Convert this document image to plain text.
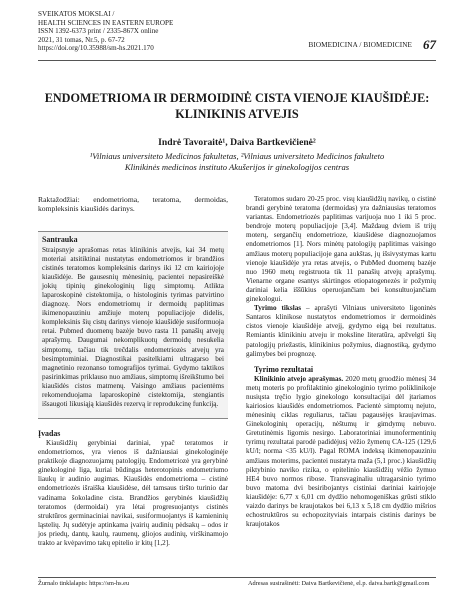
SVEIKATOS MOKSLAI /
HEALTH SCIENCES IN EASTERN EUROPE
ISSN 1392-6373 print / 2335-867X online
2021, 31 tomas, Nr.5, p. 67-72
https://doi.org/10.35988/sm-hs.2021.170	BIOMEDICINA / BIOMEDICINE 67
ENDOMETRIOMA IR DERMOIDINĖ CISTA VIENOJE KIAUŠIDĖJE:
KLINIKINIS ATVEJIS
Indrė Tavoraitė¹, Daiva Bartkevičienė²
¹Vilniaus universiteto Medicinos fakultetas, ²Vilniaus universiteto Medicinos fakulteto
Klinikinės medicinos instituto Akušerijos ir ginekologijos centras
Raktažodžiai: endometrioma, teratoma, dermoidas, kompleksinis kiaušidės darinys.
Santrauka
Straipsnyje aprašomas retas klinikinis atvejis, kai 34 metų moteriai atsitiktinai nustatytas endometriomos ir brandžios cistinės teratomos kompleksinis darinys iki 12 cm kairiojoje kiaušidėje. Be gausesnių mėnesinių, pacientei nepasireiškė jokių tipinių ginekologinių ligų simptomų. Atlikta laparoskopinė cistektomija, o histologinis tyrimas patvirtino diagnozę. Nors endometriomų ir dermoidų paplitimas ikimenopauziniu amžiuje moterų populiacijoje didelis, kompleksinis šių cistų darinys vienoje kiaušidėje susiformuoja retai. Pubmed duomenų bazėje buvo rasta 11 panašių atvejų aprašymų. Daugumai nekomplikuotų dermoidų nesukelia simptomų, tačiau tik trečdalis endometriozės atvejų yra besimptominiai. Diagnostikai pasitelkiami ultragarso bei magnetinio rezonanso tomografijos tyrimai. Gydymo taktikos pasirinkimas priklauso nuo amžiaus, simptomų išreikštumo bei kiaušidės cistos matmenų. Vaisingo amžiaus pacientėms rekomenduojama laparoskopinė cistektomija, stengiantis išsaugoti likusiąją kiaušidės rezervą ir reprodukcinę funkciją.
Įvadas
Kiaušidžių gerybiniai dariniai, ypač teratomos ir endometriomos, yra vienos iš dažniausiai ginekologinėje praktikoje diagnozuojamų patologijų. Endometriozė yra gerybinė ginekologinė liga, kuriai būdingas heterotopinis endometriumo liaukų ir audinio augimas. Kiaušidės endometrioma – cistinė endometriozės išraiška kiaušidėse, dėl tamsaus tiršto turinio dar vadinama šokoladine cista. Brandžios gerybinės kiaušidžių teratomos (dermoidai) yra lėtai progresuojantys cistinės struktūros germinaciniai navikai, susiformuojantys iš kamieninių ląstelių. Jų sudėtyje aptinkama įvairių audinių pėdsakų – odos ir jos priedų, dantų, kaulų, raumenų, gliojos audinių, virškinamojo trakto ar kvėpavimo takų epitelio ir kitų [1,2].
Teratomos sudaro 20-25 proc. visų kiaušidžių navikų, o cistinė brandi gerybinė teratoma (dermoidas) yra dažniausias teratomos variantas. Endometriozės paplitimas varijuoja nuo 1 iki 5 proc. bendroje moterų populiacijoje [3,4]. Maždaug dviem iš trijų moterų, sergančių endometrioze, kiaušidėse diagnozuojamos endometriomos [1]. Nors minėtų patologijų paplitimas vaisingo amžiaus moterų populiacijoje gana aukštas, jų išsivystymas kartu vienoje kiaušidėje yra retas atvejis, o PubMed duomenų bazėje nuo 1960 metų registruota tik 11 panašių atvejų aprašymų. Vienarne organe esantys skirtingos etiopatogenezės ir požymių dariniai kelia iššūkius operuojančiam bei konsultuojančiam ginekologui.
Tyrimo tikslas – aprašyti Vilniaus universiteto ligoninės Santaros klinikose nustatytos endometriomos ir dermoidinės cistos vienoje kiaušidėje atvejį, gydymo eigą bei rezultatus. Remiantis klinikiniu atveju ir moksline literatūra, apžvelgti šių patologijų priežastis, klinikinius požymius, diagnostiką, gydymo galimybes bei prognozę.
Tyrimo rezultatai
Klinikinio atvejo aprašymas. 2020 metų gruodžio mėnesį 34 metų moteris po profilaktinio ginekologinio tyrimo poliklinikoje nusiųsta tręčio lygio ginekologo konsultacijai dėl įtariamos kairiosios kiaušidės endometriomos. Pacientė simptomų nejuto, mėnesinių ciklas reguliarus, tačiau pagausėjęs kraujavimas. Ginekologinių operacijų, nėštumų ir gimdymų nebuvo. Gretutinėmis ligomis nesirgo. Laboratoriniai imunofermentinių tyrimų rezultatai parodė padidėjusį vėžio žymenų CA-125 (129,6 kU/l; norma <35 kU/l). Pagal ROMA indeksą ikimenopauziniu amžiaus moterims, pacientei nustatyta maža (5,1 proc.) kiaušidžių piktybinio naviko rizika, o epitelinio kiaušidžių vėžio žymuo HE4 buvo normos ribose. Transvaginaliu ultragarsinio tyrimo buvo matoma dvi besiribojantys cistiniai dariniai kairiojoje kiaušidėje: 6,77 x 6,01 cm dydžio nehomogeniškas grūsti stiklo vaizdo darinys be kraujotakos bei 6,13 x 5,18 cm dydžio mišrios echostruktūros su echopozityviais intarpais cistinis darinys be kraujotakos
Žurnalo tinklalapis: https://sm-hs.eu	Adresas susirašinėti: Daiva Bartkevičienė, el.p. daiva.bartk@gmail.com
